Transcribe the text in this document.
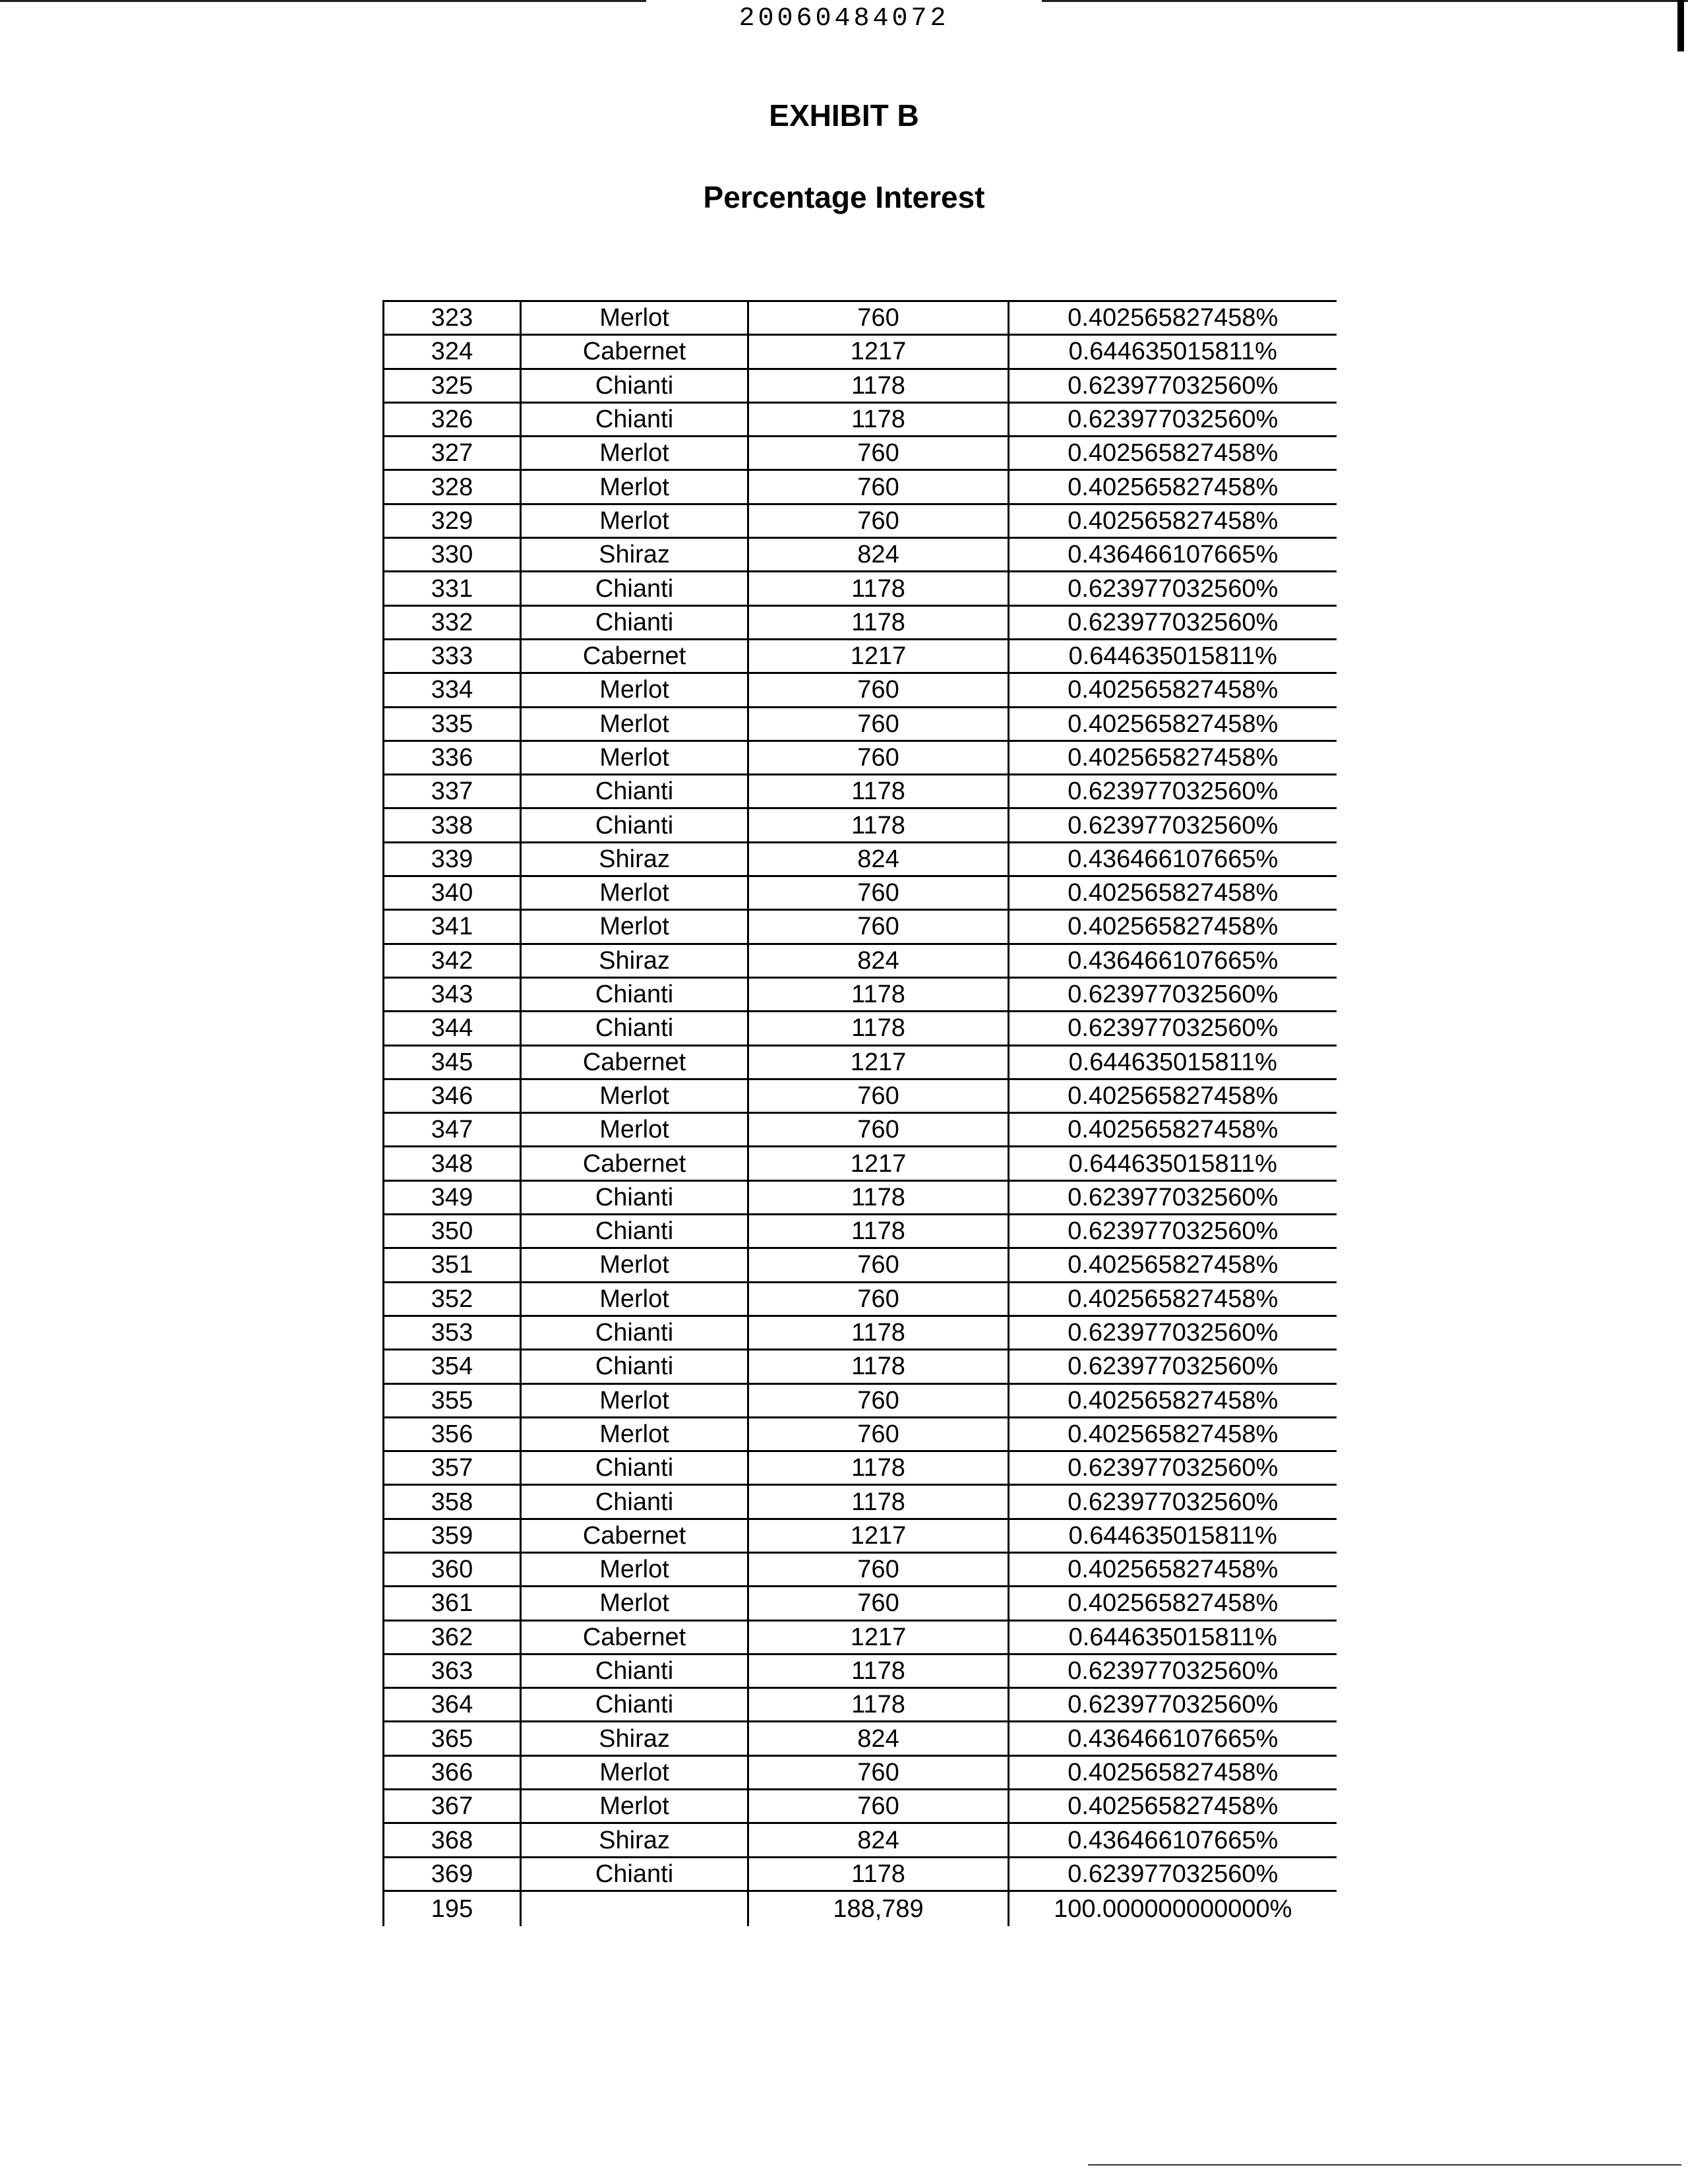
20060484072
EXHIBIT B
Percentage Interest
323	Merlot	760	0.402565827458%
324	Cabernet	1217	0.644635015811%
325	Chianti	1178	0.623977032560%
326	Chianti	1178	0.623977032560%
327	Merlot	760	0.402565827458%
328	Merlot	760	0.402565827458%
329	Merlot	760	0.402565827458%
330	Shiraz	824	0.436466107665%
331	Chianti	1178	0.623977032560%
332	Chianti	1178	0.623977032560%
333	Cabernet	1217	0.644635015811%
334	Merlot	760	0.402565827458%
335	Merlot	760	0.402565827458%
336	Merlot	760	0.402565827458%
337	Chianti	1178	0.623977032560%
338	Chianti	1178	0.623977032560%
339	Shiraz	824	0.436466107665%
340	Merlot	760	0.402565827458%
341	Merlot	760	0.402565827458%
342	Shiraz	824	0.436466107665%
343	Chianti	1178	0.623977032560%
344	Chianti	1178	0.623977032560%
345	Cabernet	1217	0.644635015811%
346	Merlot	760	0.402565827458%
347	Merlot	760	0.402565827458%
348	Cabernet	1217	0.644635015811%
349	Chianti	1178	0.623977032560%
350	Chianti	1178	0.623977032560%
351	Merlot	760	0.402565827458%
352	Merlot	760	0.402565827458%
353	Chianti	1178	0.623977032560%
354	Chianti	1178	0.623977032560%
355	Merlot	760	0.402565827458%
356	Merlot	760	0.402565827458%
357	Chianti	1178	0.623977032560%
358	Chianti	1178	0.623977032560%
359	Cabernet	1217	0.644635015811%
360	Merlot	760	0.402565827458%
361	Merlot	760	0.402565827458%
362	Cabernet	1217	0.644635015811%
363	Chianti	1178	0.623977032560%
364	Chianti	1178	0.623977032560%
365	Shiraz	824	0.436466107665%
366	Merlot	760	0.402565827458%
367	Merlot	760	0.402565827458%
368	Shiraz	824	0.436466107665%
369	Chianti	1178	0.623977032560%
195		188,789	100.000000000000%
